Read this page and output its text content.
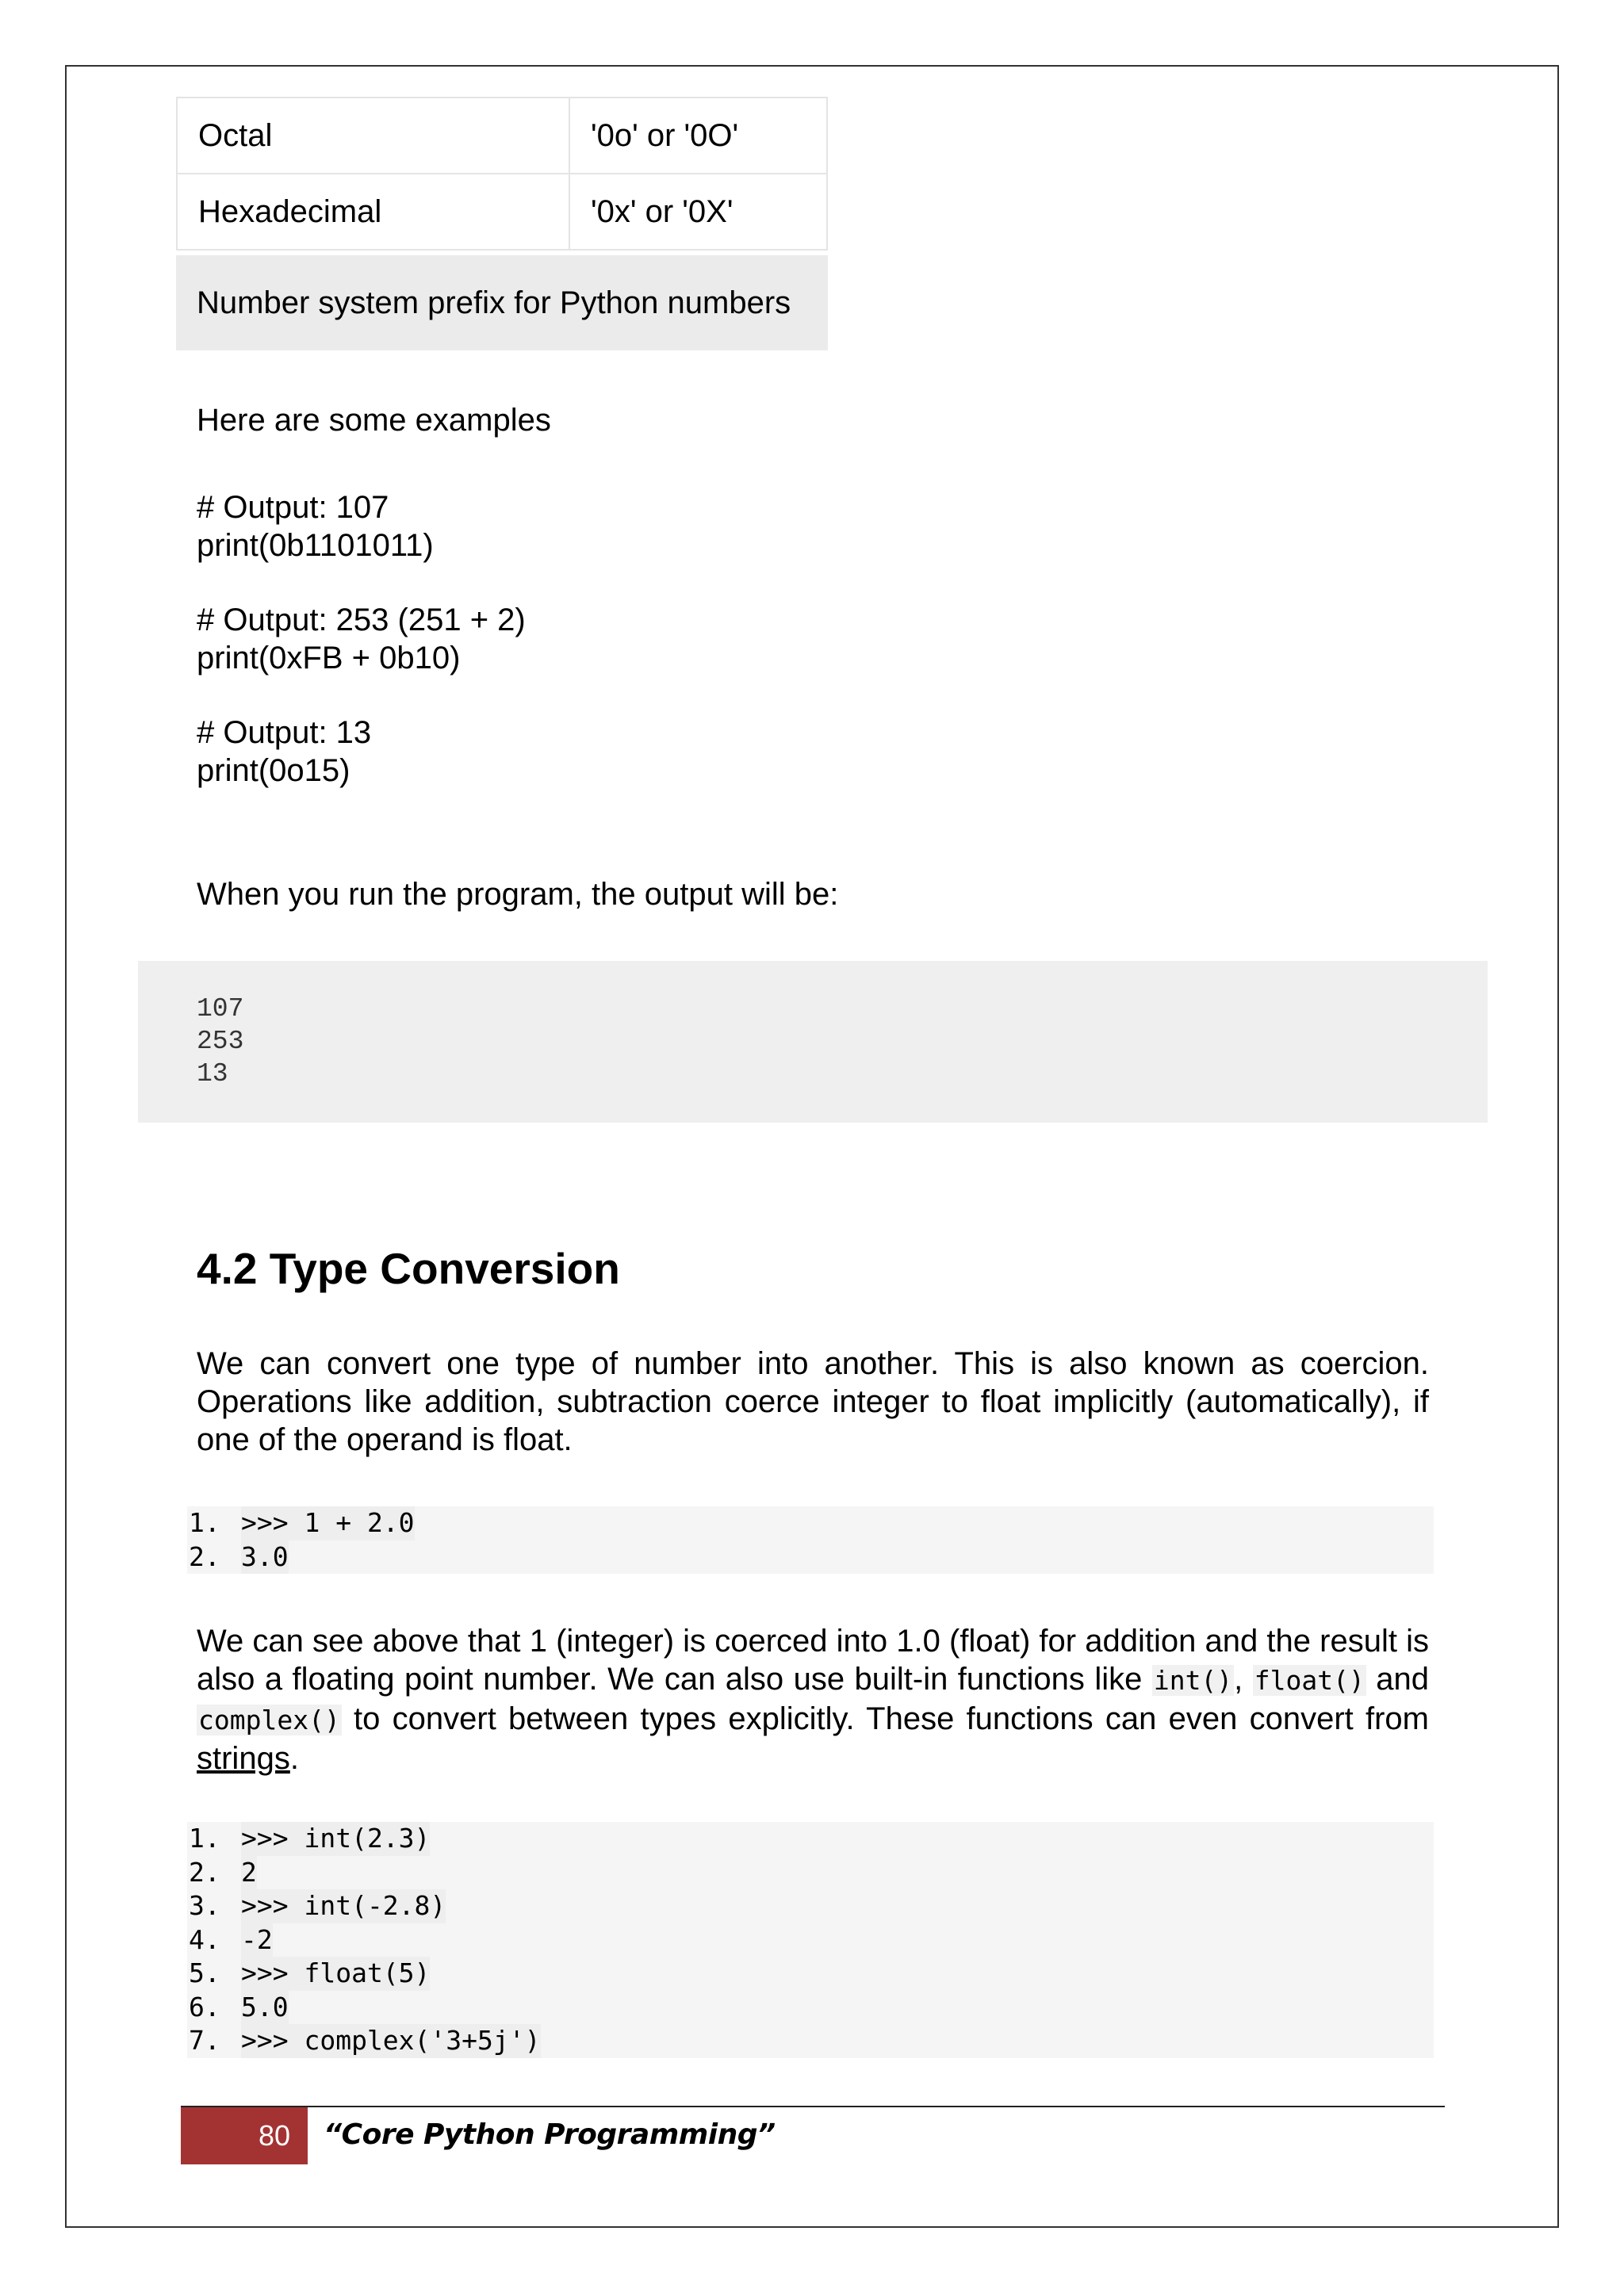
Octal	'0o' or '0O'
Hexadecimal	'0x' or '0X'
Number system prefix for Python numbers
Here are some examples
# Output: 107
print(0b1101011)
# Output: 253 (251 + 2)
print(0xFB + 0b10)
# Output: 13
print(0o15)
When you run the program, the output will be:
107
253
13
4.2 Type Conversion
We can convert one type of number into another. This is also known as coercion. Operations like addition, subtraction coerce integer to float implicitly (automatically), if one of the operand is float.
1. >>> 1 + 2.0
2. 3.0
We can see above that 1 (integer) is coerced into 1.0 (float) for addition and the result is also a floating point number. We can also use built-in functions like int(), float() and complex() to convert between types explicitly. These functions can even convert from strings.
1. >>> int(2.3)
2. 2
3. >>> int(-2.8)
4. -2
5. >>> float(5)
6. 5.0
7. >>> complex('3+5j')
80	“Core Python Programming”
